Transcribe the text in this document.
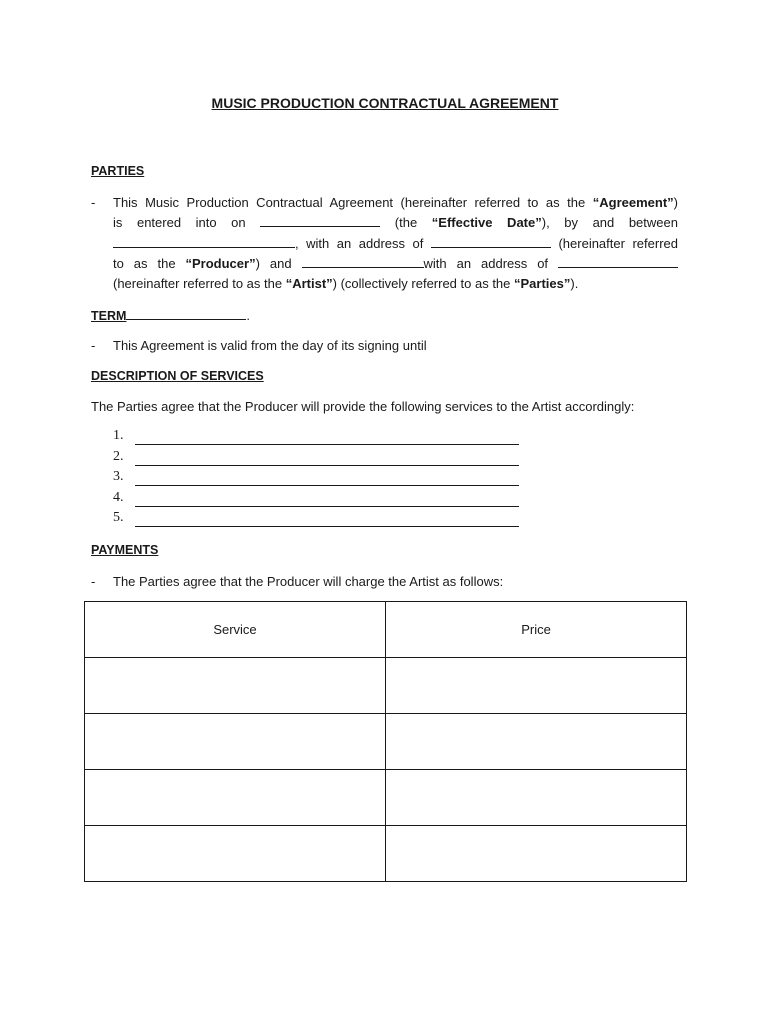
MUSIC PRODUCTION CONTRACTUAL AGREEMENT
PARTIES
- This Music Production Contractual Agreement (hereinafter referred to as the “Agreement”)
is entered into on	(the “Effective Date”), by and between
, with an address of	(hereinafter referred
to as the “Producer”) and	with an address of
(hereinafter referred to as the “Artist”) (collectively referred to as the “Parties”).
TERM	.
- This Agreement is valid from the day of its signing until
DESCRIPTION OF SERVICES
The Parties agree that the Producer will provide the following services to the Artist accordingly:
1.
2.
3.
4.
5.
PAYMENTS
- The Parties agree that the Producer will charge the Artist as follows:
Service	Price
